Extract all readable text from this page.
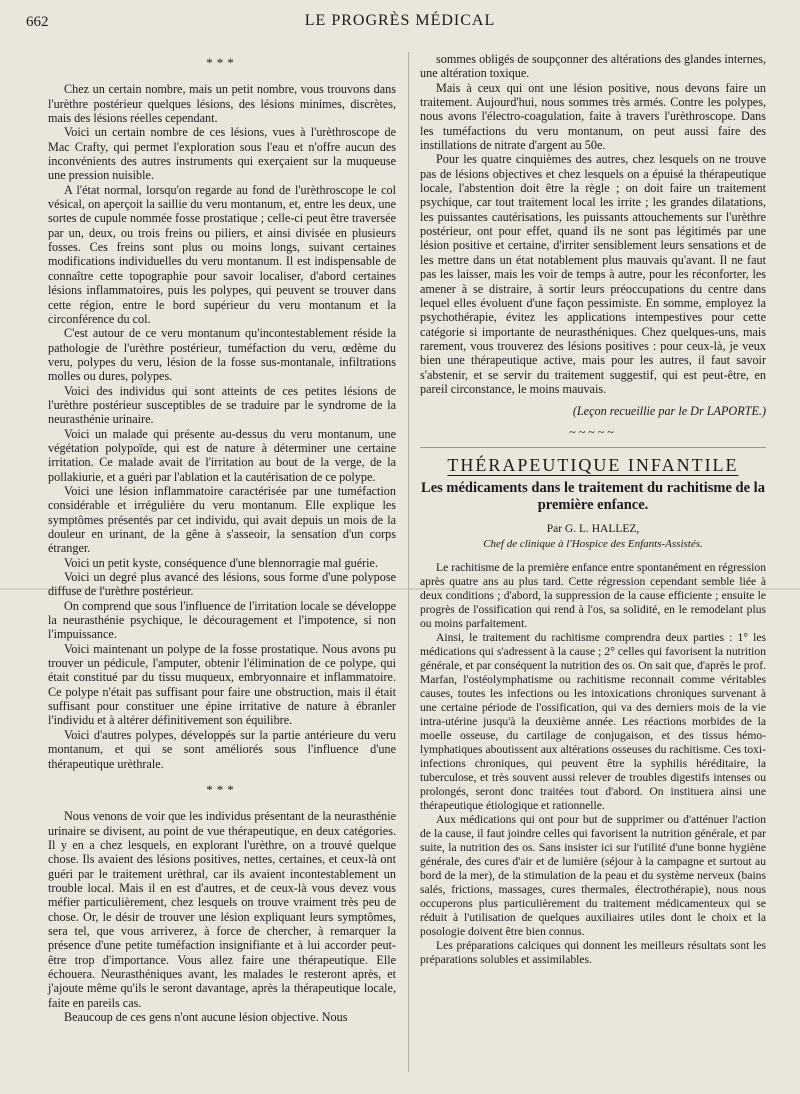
662	LE PROGRÈS MÉDICAL
***

Chez un certain nombre, mais un petit nombre, vous trouvons dans l'urèthre postérieur quelques lésions, des lésions minimes, discrètes, mais des lésions réelles cependant.

Voici un certain nombre de ces lésions, vues à l'urèthroscope de Mac Crafty, qui permet l'exploration sous l'eau et n'offre aucun des inconvénients des autres instruments qui exerçaient sur la muqueuse une pression nuisible.

A l'état normal, lorsqu'on regarde au fond de l'urèthroscope le col vésical, on aperçoit la saillie du veru montanum, et, entre les deux, une sortes de cupule nommée fosse prostatique ; celle-ci peut être traversée par un, deux, ou trois freins ou piliers, et ainsi divisée en plusieurs fosses. Ces freins sont plus ou moins longs, suivant certaines modifications individuelles du veru montanum. Il est indispensable de connaître cette topographie pour savoir localiser, d'abord certaines lésions inflammatoires, puis les polypes, qui peuvent se trouver dans cette région, entre le bord supérieur du veru montanum et la circonférence du col.

C'est autour de ce veru montanum qu'incontestablement réside la pathologie de l'urèthre postérieur, tuméfaction du veru, œdème du veru, polypes du veru, lésion de la fosse sus-montanale, infiltrations molles ou dures, polypes.

Voici des individus qui sont atteints de ces petites lésions de l'urèthre postérieur susceptibles de se traduire par le syndrome de la neurasthénie urinaire.

Voici un malade qui présente au-dessus du veru montanum, une végétation polypoïde, qui est de nature à déterminer une certaine irritation. Ce malade avait de l'irritation au bout de la verge, de la pollakiurie, et a guéri par l'ablation et la cautérisation de ce polype.

Voici une lésion inflammatoire caractérisée par une tuméfaction considérable et irrégulière du veru montanum. Elle explique les symptômes présentés par cet individu, qui avait depuis un mois de la douleur en urinant, de la gêne à s'asseoir, la sensation d'un corps étranger.

Voici un petit kyste, conséquence d'une blennorragie mal guérie.

Voici un degré plus avancé des lésions, sous forme d'une polypose diffuse de l'urèthre postérieur.

On comprend que sous l'influence de l'irritation locale se développe la neurasthénie psychique, le découragement et l'impotence, si non l'impuissance.

Voici maintenant un polype de la fosse prostatique. Nous avons pu trouver un pédicule, l'amputer, obtenir l'élimination de ce polype, qui était constitué par du tissu muqueux, embryonnaire et inflammatoire. Ce polype n'était pas suffisant pour faire une obstruction, mais il était suffisant pour constituer une épine irritative de nature à ébranler l'individu et à altérer définitivement son équilibre.

Voici d'autres polypes, développés sur la partie antérieure du veru montanum, et qui se sont améliorés sous l'influence d'une thérapeutique urèthrale.

***

Nous venons de voir que les individus présentant de la neurasthénie urinaire se divisent, au point de vue thérapeutique, en deux catégories. Il y en a chez lesquels, en explorant l'urèthre, on a trouvé quelque chose. Ils avaient des lésions positives, nettes, certaines, et ceux-là ont guéri par le traitement urèthral, car ils avaient incontestablement un trouble local. Mais il en est d'autres, et de ceux-là vous devez vous méfier particulièrement, chez lesquels on trouve vraiment très peu de chose. Or, le désir de trouver une lésion expliquant leurs symptômes, sera tel, que vous arriverez, à force de chercher, à remarquer la présence d'une petite tuméfaction insignifiante et à lui accorder peut-être trop d'importance. Vous allez faire une thérapeutique. Elle échouera. Neurasthéniques avant, les malades le resteront après, et j'ajoute même qu'ils le seront davantage, après la thérapeutique locale, faite en pareils cas.

Beaucoup de ces gens n'ont aucune lésion objective. Nous

sommes obligés de soupçonner des altérations des glandes internes, une altération toxique.

Mais à ceux qui ont une lésion positive, nous devons faire un traitement. Aujourd'hui, nous sommes très armés. Contre les polypes, nous avons l'électro-coagulation, faite à travers l'urèthroscope. Dans les tuméfactions du veru montanum, on peut aussi faire des instillations de nitrate d'argent au 50e.

Pour les quatre cinquièmes des autres, chez lesquels on ne trouve pas de lésions objectives et chez lesquels on a épuisé la thérapeutique locale, l'abstention doit être la règle ; on doit faire un traitement psychique, car tout traitement local les irrite ; les grandes dilatations, les puissantes cautérisations, les puissants attouchements sur l'urèthre postérieur, ont pour effet, quand ils ne sont pas légitimés par une lésion positive et certaine, d'irriter sensiblement leurs sensations et de les mettre dans un état notablement plus mauvais qu'avant. Il ne faut pas les laisser, mais les voir de temps à autre, pour les réconforter, les amener à se distraire, à sortir leurs préoccupations du centre dans lequel elles évoluent d'une façon pessimiste. En somme, employez la psychothérapie, évitez les applications intempestives pour cette catégorie si importante de neurasthéniques. Chez quelques-uns, mais rarement, vous trouverez des lésions positives : pour ceux-là, je veux bien une thérapeutique active, mais pour les autres, il faut savoir s'abstenir, et se servir du traitement suggestif, qui est peut-être, en pareil circonstance, le moins mauvais.

(Leçon recueillie par le Dr LAPORTE.)
~~~~~
THÉRAPEUTIQUE INFANTILE
Les médicaments dans le traitement du rachitisme de la première enfance.
Par G. L. HALLEZ,
Chef de clinique à l'Hospice des Enfants-Assistés.

Le rachitisme de la première enfance entre spontanément en régression après quatre ans au plus tard. Cette régression cependant semble liée à deux conditions ; d'abord, la suppression de la cause efficiente ; ensuite le progrès de l'ossification qui rend à l'os, sa solidité, en le remodelant plus ou moins parfaitement.

Ainsi, le traitement du rachitisme comprendra deux parties : 1° les médications qui s'adressent à la cause ; 2° celles qui favorisent la nutrition générale, et par conséquent la nutrition des os. On sait que, d'après le prof. Marfan, l'ostéolymphatisme ou rachitisme reconnait comme véritables causes, toutes les infections ou les intoxications chroniques survenant à une certaine période de l'ossification, qui va des derniers mois de la vie intra-utérine jusqu'à la deuxième année. Les réactions morbides de la moelle osseuse, du cartilage de conjugaison, et des tissus hémo-lymphatiques aboutissent aux altérations osseuses du rachitisme. Ces toxi-infections chroniques, qui peuvent être la syphilis héréditaire, la tuberculose, et très souvent aussi relever de troubles digestifs intenses ou prolongés, seront donc traitées tout d'abord. On instituera ainsi une thérapeutique étiologique et rationnelle.

Aux médications qui ont pour but de supprimer ou d'atténuer l'action de la cause, il faut joindre celles qui favorisent la nutrition générale, et par suite, la nutrition des os. Sans insister ici sur l'utilité d'une bonne hygiène générale, des cures d'air et de lumière (séjour à la campagne et surtout au bord de la mer), de la stimulation de la peau et du système nerveux (bains salés, frictions, massages, cures thermales, électrothérapie), nous nous occuperons plus particulièrement du traitement médicamenteux qui se réduit à l'utilisation de quelques auxiliaires utiles dont le choix et la posologie doivent être bien connus.

Les préparations calciques qui donnent les meilleurs résultats sont les préparations solubles et assimilables.
